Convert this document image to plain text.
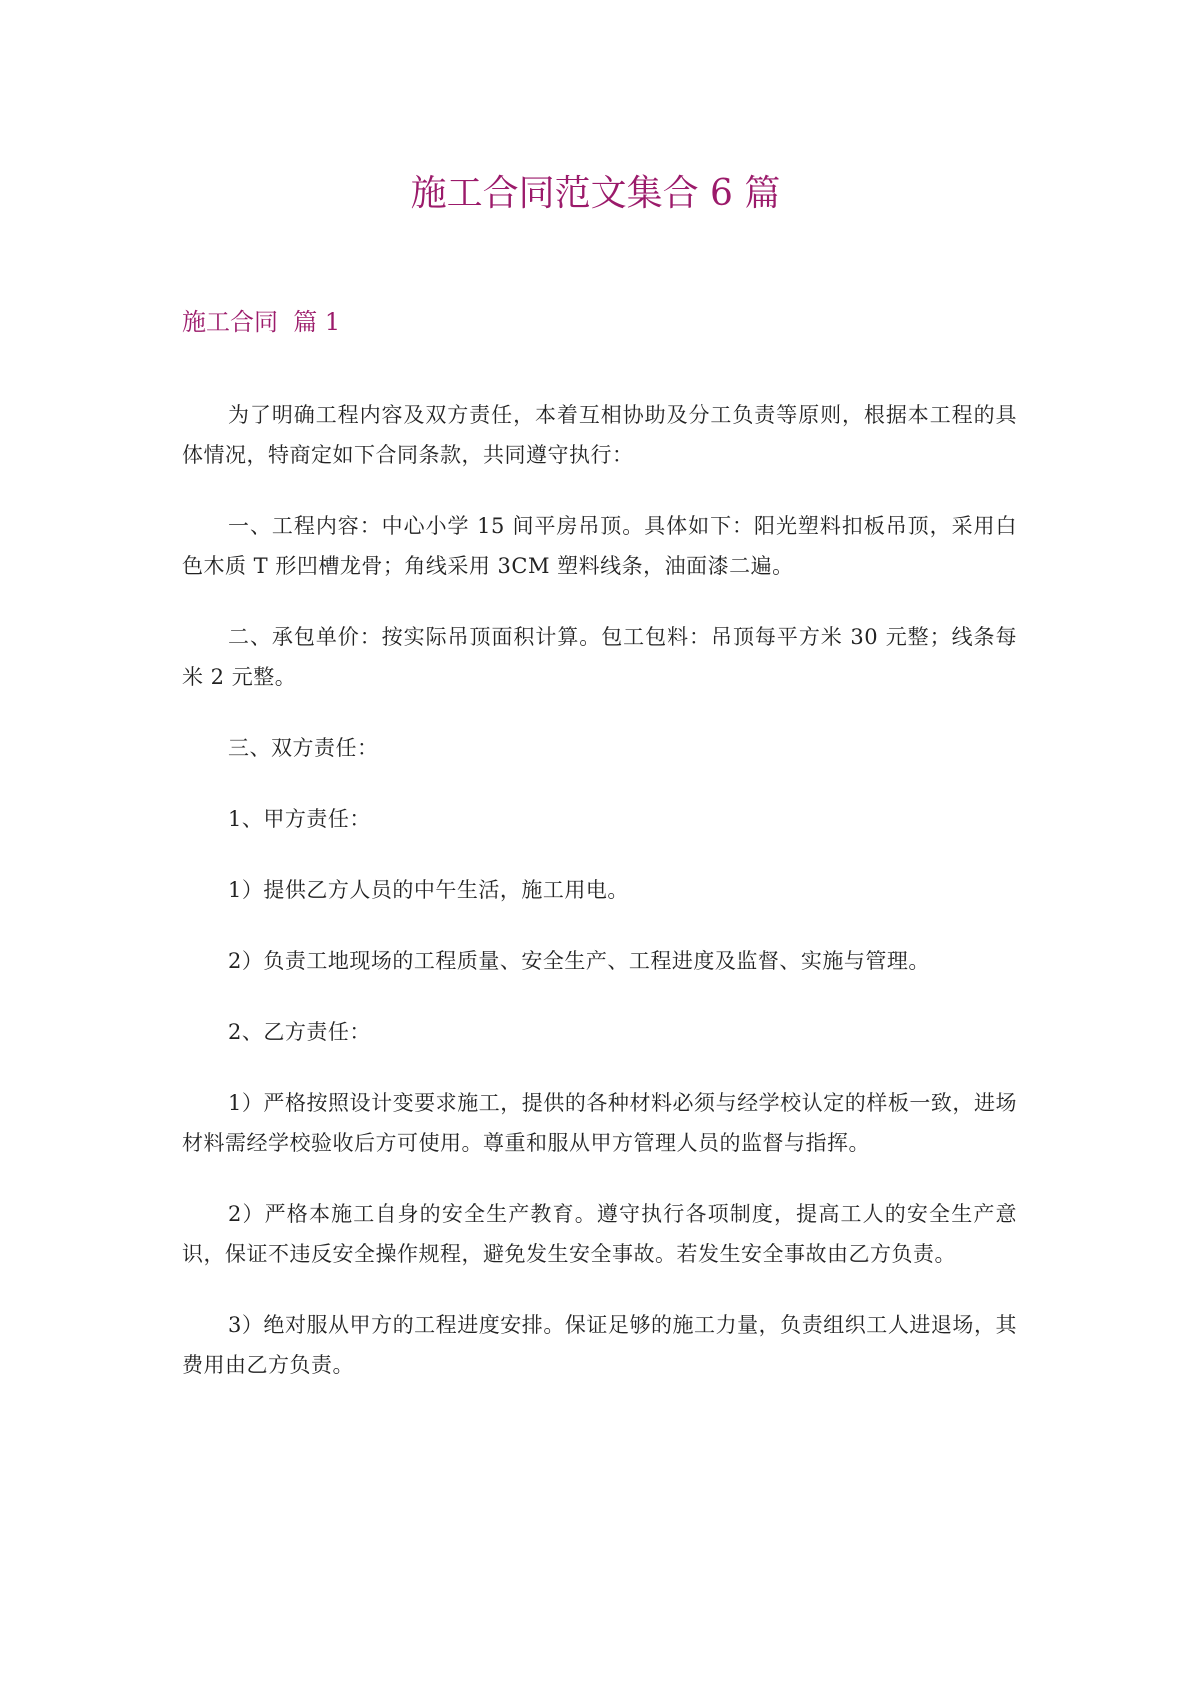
施工合同范文集合 6 篇
施工合同  篇 1

为了明确工程内容及双方责任，本着互相协助及分工负责等原则，根据本工程的具体情况，特商定如下合同条款，共同遵守执行：

一、工程内容：中心小学 15 间平房吊顶。具体如下：阳光塑料扣板吊顶，采用白色木质 T 形凹槽龙骨；角线采用 3CM 塑料线条，油面漆二遍。

二、承包单价：按实际吊顶面积计算。包工包料：吊顶每平方米 30 元整；线条每米 2 元整。

三、双方责任：

1、甲方责任：

1）提供乙方人员的中午生活，施工用电。

2）负责工地现场的工程质量、安全生产、工程进度及监督、实施与管理。

2、乙方责任：

1）严格按照设计变要求施工，提供的各种材料必须与经学校认定的样板一致，进场材料需经学校验收后方可使用。尊重和服从甲方管理人员的监督与指挥。

2）严格本施工自身的安全生产教育。遵守执行各项制度，提高工人的安全生产意识，保证不违反安全操作规程，避免发生安全事故。若发生安全事故由乙方负责。

3）绝对服从甲方的工程进度安排。保证足够的施工力量，负责组织工人进退场，其费用由乙方负责。
